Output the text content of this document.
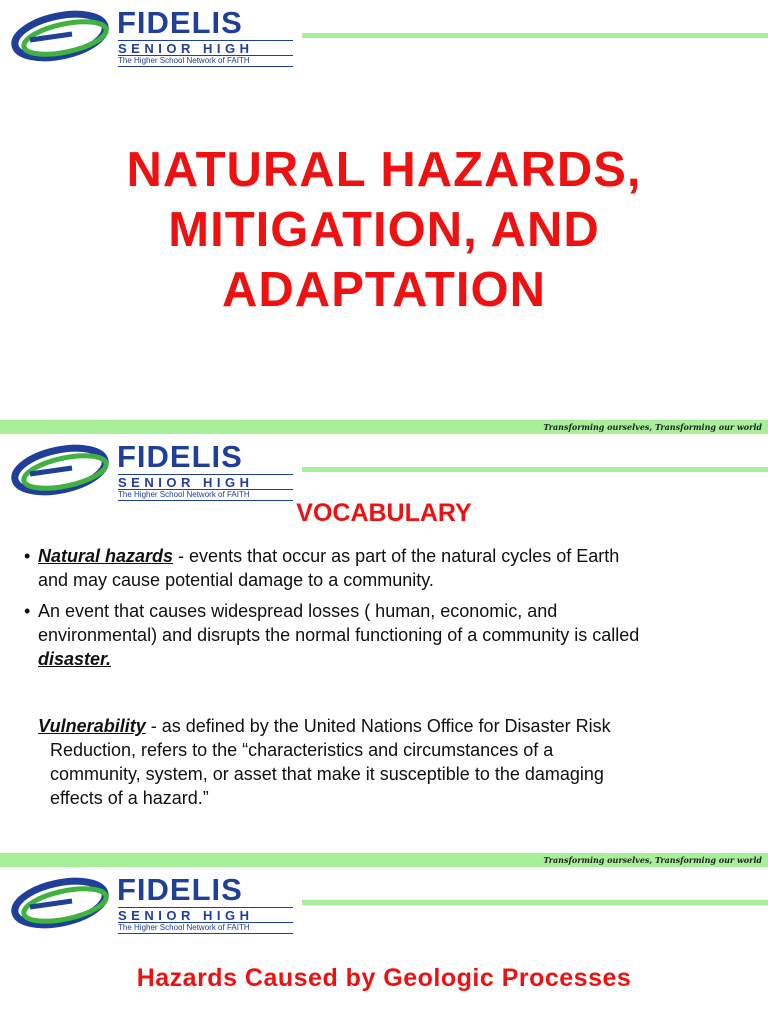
FIDELIS
SENIOR HIGH
The Higher School Network of FAITH
NATURAL HAZARDS,
MITIGATION, AND
ADAPTATION
Transforming ourselves, Transforming our world
FIDELIS
SENIOR HIGH
The Higher School Network of FAITH
VOCABULARY
• Natural hazards - events that occur as part of the natural cycles of Earth
and may cause potential damage to a community.
• An event that causes widespread losses ( human, economic, and
environmental) and disrupts the normal functioning of a community is called
disaster.
Vulnerability - as defined by the United Nations Office for Disaster Risk

Reduction, refers to the “characteristics and circumstances of a
community, system, or asset that make it susceptible to the damaging
effects of a hazard.”
Transforming ourselves, Transforming our world
FIDELIS
SENIOR HIGH
The Higher School Network of FAITH
Hazards Caused by Geologic Processes
